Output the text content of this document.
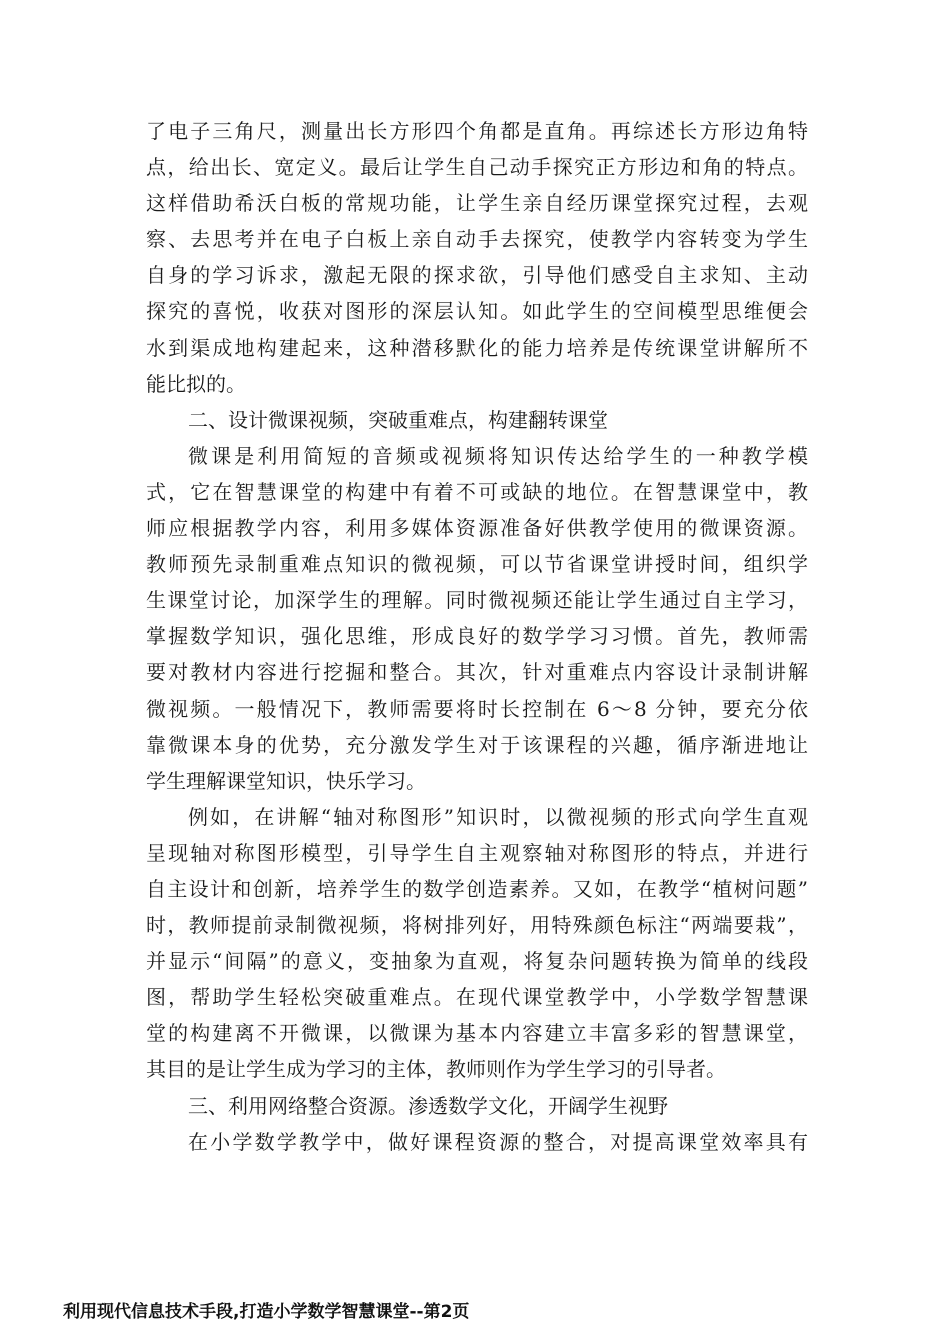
了电子三角尺，测量出长方形四个角都是直角。再综述长方形边角特
点，给出长、宽定义。最后让学生自己动手探究正方形边和角的特点。
这样借助希沃白板的常规功能，让学生亲自经历课堂探究过程，去观
察、去思考并在电子白板上亲自动手去探究，使教学内容转变为学生
自身的学习诉求，激起无限的探求欲，引导他们感受自主求知、主动
探究的喜悦，收获对图形的深层认知。如此学生的空间模型思维便会
水到渠成地构建起来，这种潜移默化的能力培养是传统课堂讲解所不
能比拟的。
二、设计微课视频，突破重难点，构建翻转课堂
微课是利用简短的音频或视频将知识传达给学生的一种教学模
式，它在智慧课堂的构建中有着不可或缺的地位。在智慧课堂中，教
师应根据教学内容，利用多媒体资源准备好供教学使用的微课资源。
教师预先录制重难点知识的微视频，可以节省课堂讲授时间，组织学
生课堂讨论，加深学生的理解。同时微视频还能让学生通过自主学习，
掌握数学知识，强化思维，形成良好的数学学习习惯。首先，教师需
要对教材内容进行挖掘和整合。其次，针对重难点内容设计录制讲解
微视频。一般情况下，教师需要将时长控制在 6～8 分钟，要充分依
靠微课本身的优势，充分激发学生对于该课程的兴趣，循序渐进地让
学生理解课堂知识，快乐学习。
例如，在讲解“轴对称图形”知识时，以微视频的形式向学生直观
呈现轴对称图形模型，引导学生自主观察轴对称图形的特点，并进行
自主设计和创新，培养学生的数学创造素养。又如，在教学“植树问题”
时，教师提前录制微视频，将树排列好，用特殊颜色标注“两端要栽”，
并显示“间隔”的意义，变抽象为直观，将复杂问题转换为简单的线段
图，帮助学生轻松突破重难点。在现代课堂教学中，小学数学智慧课
堂的构建离不开微课，以微课为基本内容建立丰富多彩的智慧课堂，
其目的是让学生成为学习的主体，教师则作为学生学习的引导者。
三、利用网络整合资源。渗透数学文化，开阔学生视野
在小学数学教学中，做好课程资源的整合，对提高课堂效率具有
利用现代信息技术手段,打造小学数学智慧课堂--第2页
